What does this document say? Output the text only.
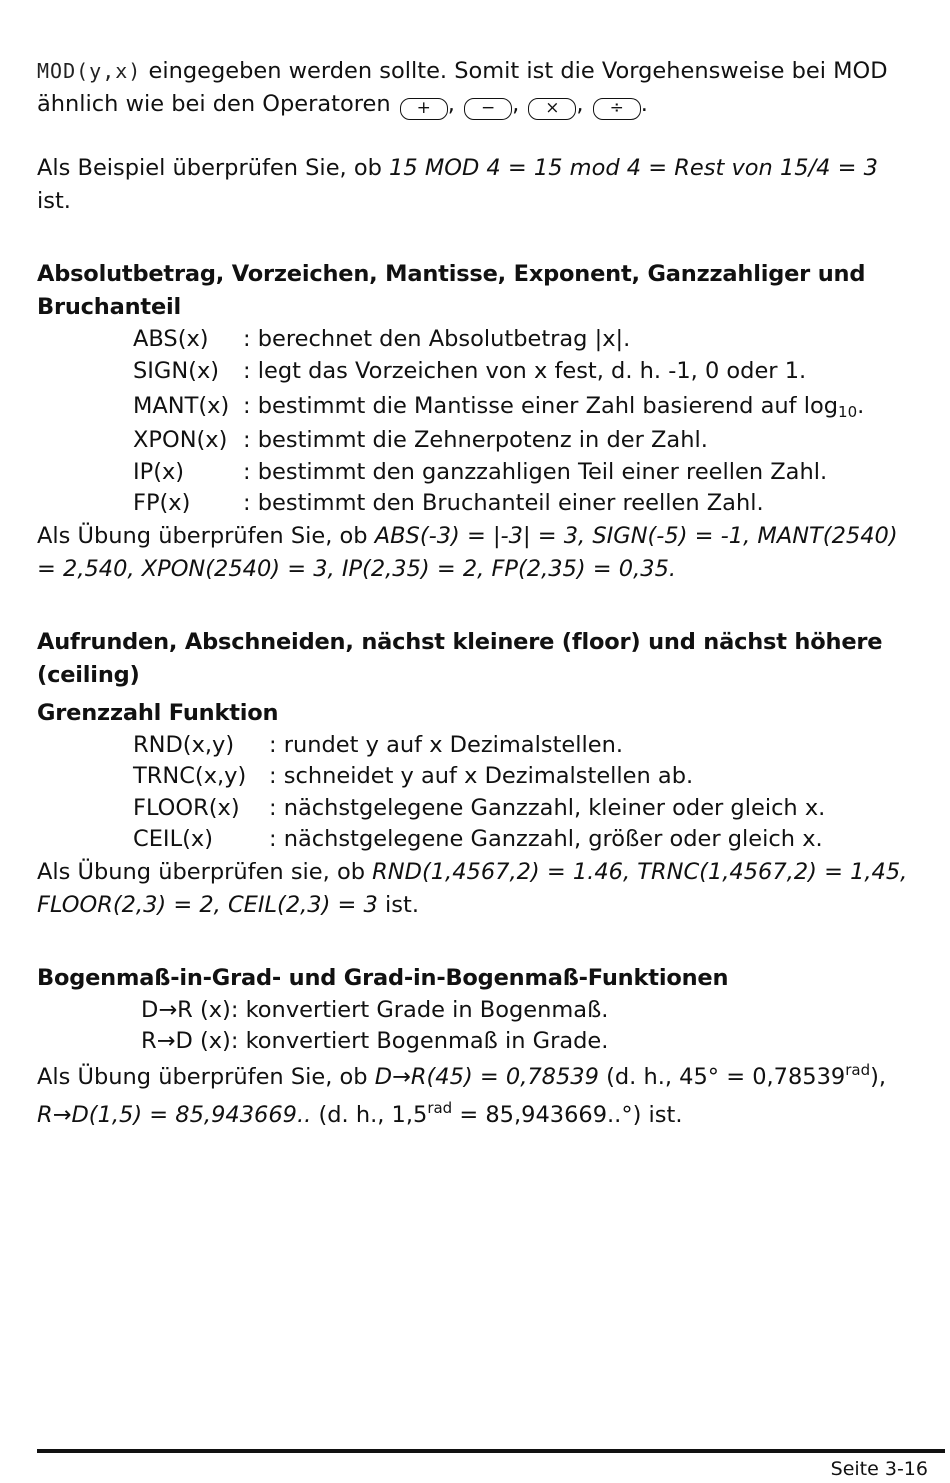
MOD(y,x) eingegeben werden sollte. Somit ist die Vorgehensweise bei MOD

ähnlich wie bei den Operatoren + , − , × , ÷ .

Als Beispiel überprüfen Sie, ob 15 MOD 4 = 15 mod 4 = Rest von 15/4 = 3

ist.

Absolutbetrag, Vorzeichen, Mantisse, Exponent, Ganzzahliger und Bruchanteil
ABS(x)	: berechnet den Absolutbetrag |x|.
SIGN(x)	: legt das Vorzeichen von x fest, d. h. -1, 0 oder 1.
MANT(x) : bestimmt die Mantisse einer Zahl basierend auf $\log_{10}$.
XPON(x) : bestimmt die Zehnerpotenz in der Zahl.
IP(x)	: bestimmt den ganzzahligen Teil einer reellen Zahl.
FP(x)	: bestimmt den Bruchanteil einer reellen Zahl.

Als Übung überprüfen Sie, ob ABS(-3) = |-3| = 3, SIGN(-5) = -1, MANT(2540)

= 2,540, XPON(2540) = 3, IP(2,35) = 2, FP(2,35) = 0,35.

Aufrunden, Abschneiden, nächst kleinere (floor) und nächst höhere (ceiling)
Grenzzahl Funktion
RND(x,y)	: rundet y auf x Dezimalstellen.
TRNC(x,y)	: schneidet y auf x Dezimalstellen ab.
FLOOR(x)	: nächstgelegene Ganzzahl, kleiner oder gleich x.
CEIL(x)	: nächstgelegene Ganzzahl, größer oder gleich x.

Als Übung überprüfen sie, ob RND(1,4567,2) = 1.46, TRNC(1,4567,2) = 1,45,

FLOOR(2,3) = 2, CEIL(2,3) = 3 ist.

Bogenmaß-in-Grad- und Grad-in-Bogenmaß-Funktionen
D→R (x): konvertiert Grade in Bogenmaß.
R→D (x): konvertiert Bogenmaß in Grade.

Als Übung überprüfen Sie, ob D→R(45) = 0,78539 (d. h., $45^\circ = 0,78539^{rad}$),

R→D(1,5) = 85,943669.. (d. h., $1,5^{rad} = 85,943669..^\circ$) ist.

Seite 3-16
